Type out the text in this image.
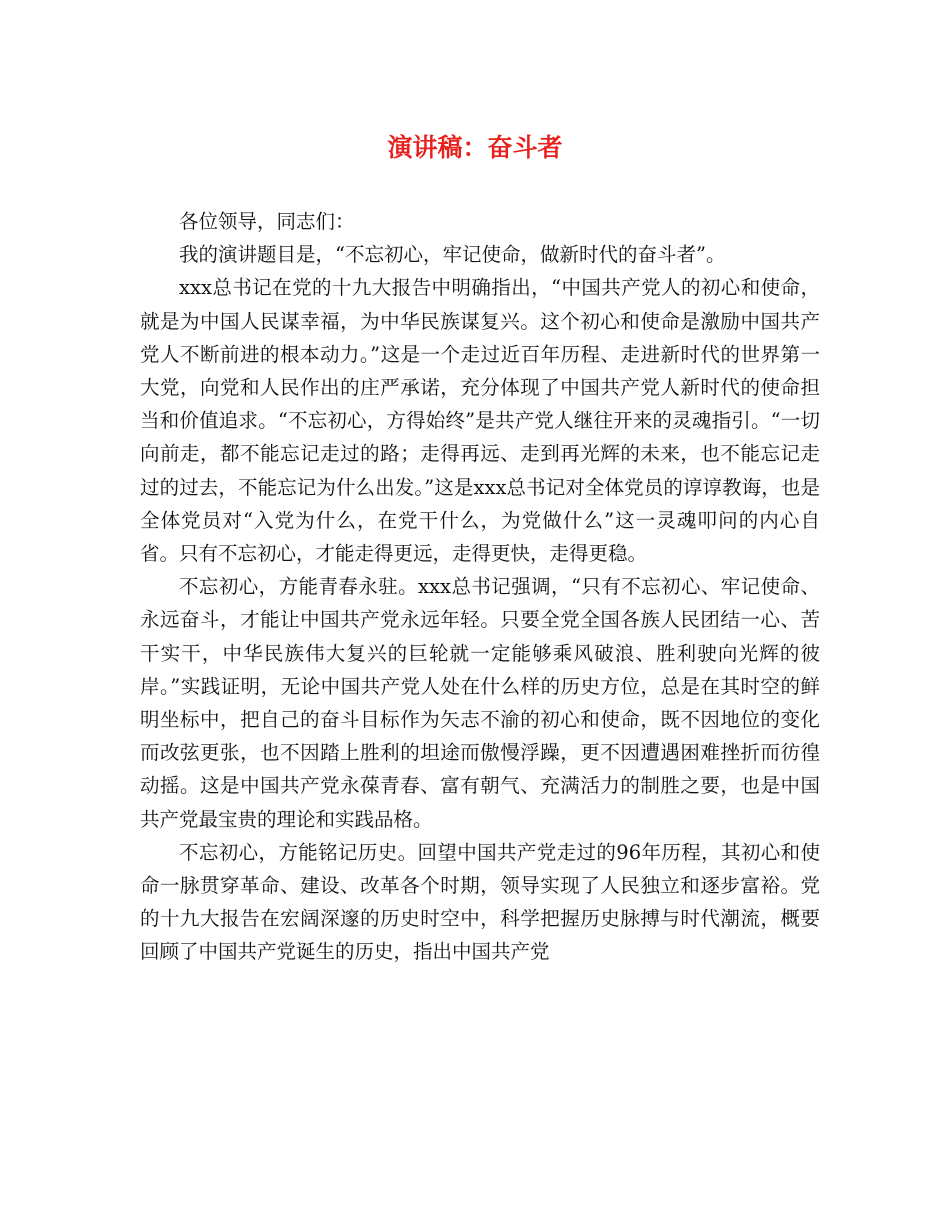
演讲稿：奋斗者

各位领导，同志们：

我的演讲题目是，“不忘初心，牢记使命，做新时代的奋斗者”。

xxx总书记在党的十九大报告中明确指出，“中国共产党人的初心和使命，就是为中国人民谋幸福，为中华民族谋复兴。这个初心和使命是激励中国共产党人不断前进的根本动力。”这是一个走过近百年历程、走进新时代的世界第一大党，向党和人民作出的庄严承诺，充分体现了中国共产党人新时代的使命担当和价值追求。“不忘初心，方得始终”是共产党人继往开来的灵魂指引。“一切向前走，都不能忘记走过的路；走得再远、走到再光辉的未来，也不能忘记走过的过去，不能忘记为什么出发。”这是xxx总书记对全体党员的谆谆教诲，也是全体党员对“入党为什么，在党干什么，为党做什么”这一灵魂叩问的内心自省。只有不忘初心，才能走得更远，走得更快，走得更稳。

不忘初心，方能青春永驻。xxx总书记强调，“只有不忘初心、牢记使命、永远奋斗，才能让中国共产党永远年轻。只要全党全国各族人民团结一心、苦干实干，中华民族伟大复兴的巨轮就一定能够乘风破浪、胜利驶向光辉的彼岸。”实践证明，无论中国共产党人处在什么样的历史方位，总是在其时空的鲜明坐标中，把自己的奋斗目标作为矢志不渝的初心和使命，既不因地位的变化而改弦更张，也不因踏上胜利的坦途而傲慢浮躁，更不因遭遇困难挫折而彷徨动摇。这是中国共产党永葆青春、富有朝气、充满活力的制胜之要，也是中国共产党最宝贵的理论和实践品格。

不忘初心，方能铭记历史。回望中国共产党走过的96年历程，其初心和使命一脉贯穿革命、建设、改革各个时期，领导实现了人民独立和逐步富裕。党的十九大报告在宏阔深邃的历史时空中，科学把握历史脉搏与时代潮流，概要回顾了中国共产党诞生的历史，指出中国共产党
